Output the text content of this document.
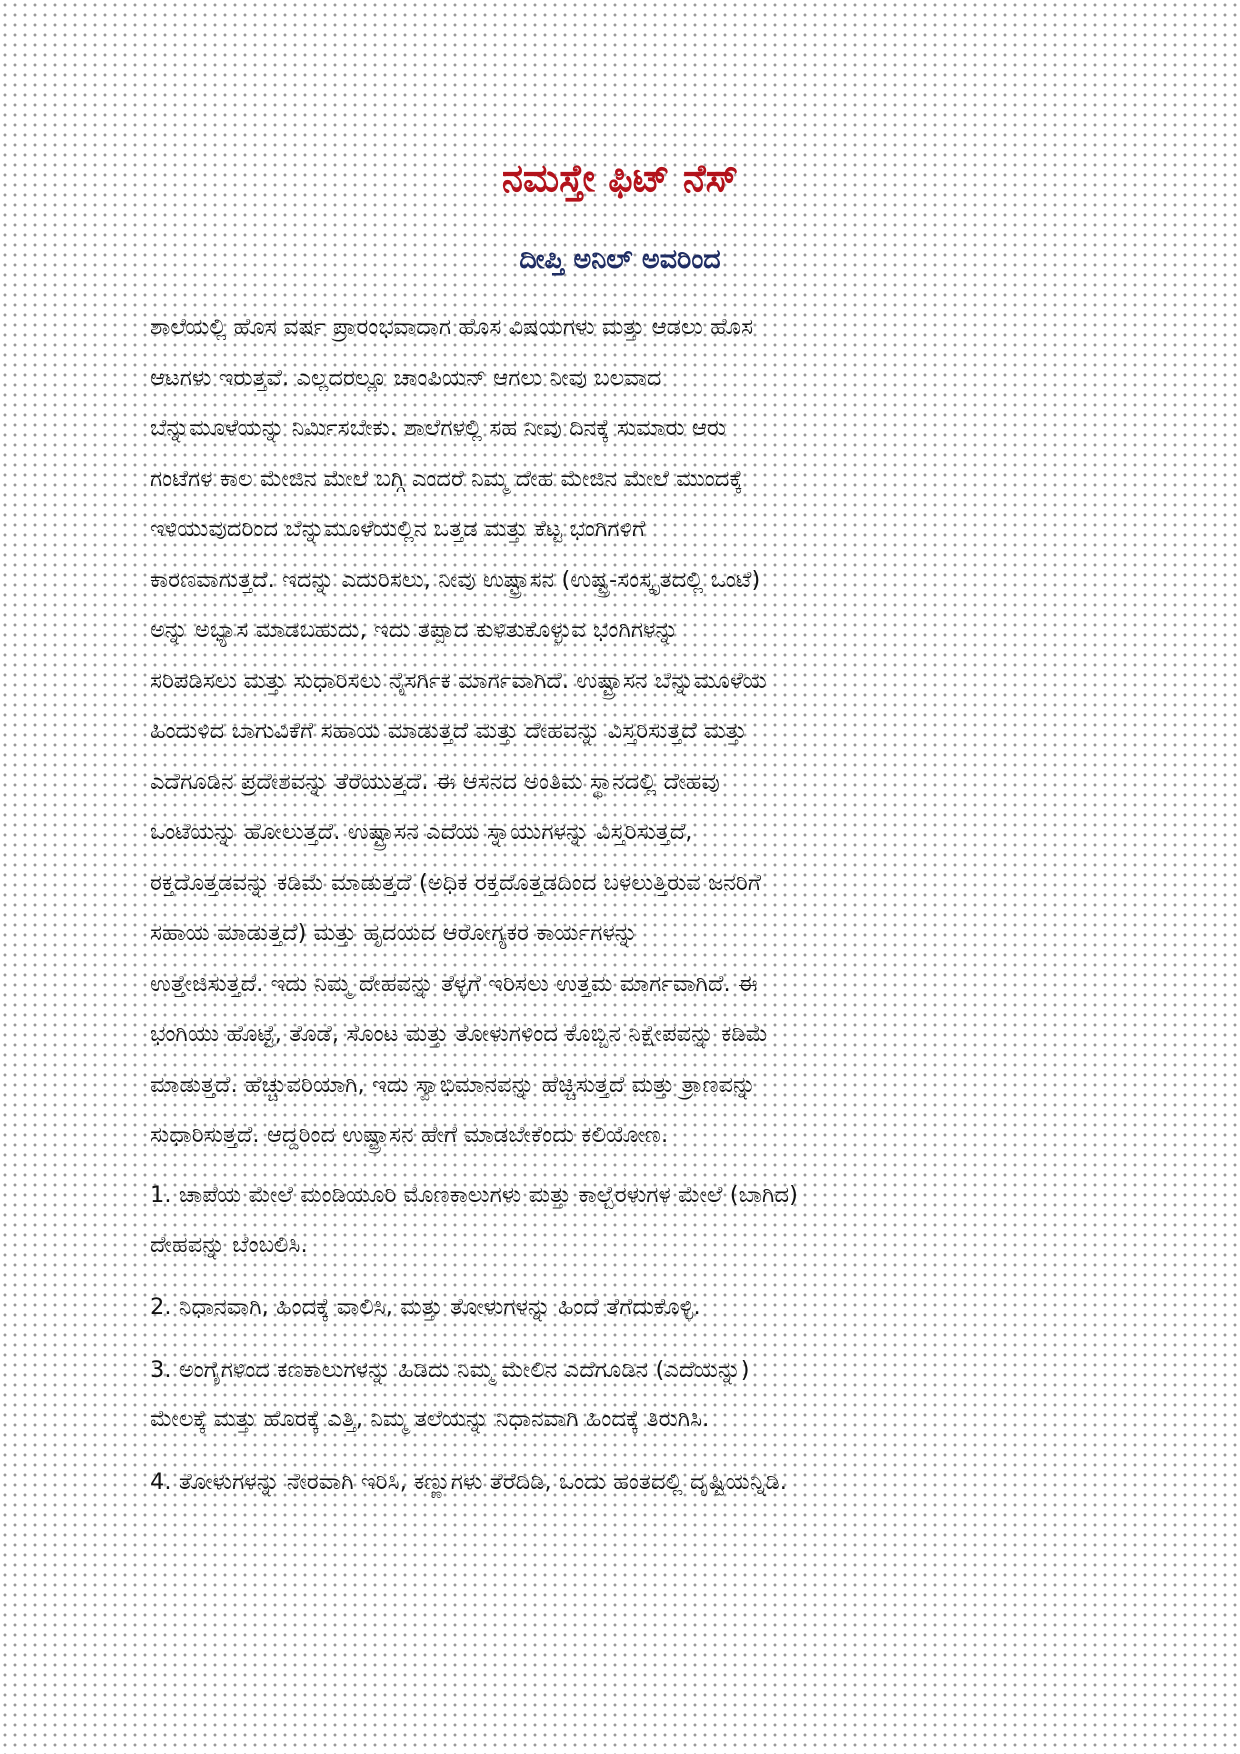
ನಮಸ್ತೇ ಫಿಟ್ ನೆಸ್
ದೀಪ್ತಿ ಅನಿಲ್ ಅವರಿಂದ
ಶಾಲೆಯಲ್ಲಿ ಹೊಸ ವರ್ಷ ಪ್ರಾರಂಭವಾದಾಗ ಹೊಸ ವಿಷಯಗಳು ಮತ್ತು ಆಡಲು ಹೊಸ
ಆಟಗಳು ಇರುತ್ತವೆ. ಎಲ್ಲದರಲ್ಲೂ ಚಾಂಪಿಯನ್ ಆಗಲು ನೀವು ಬಲವಾದ
ಬೆನ್ನುಮೂಳೆಯನ್ನು ನಿರ್ಮಿಸಬೇಕು. ಶಾಲೆಗಳಲ್ಲಿ ಸಹ ನೀವು ದಿನಕ್ಕೆ ಸುಮಾರು ಆರು
ಗಂಟೆಗಳ ಕಾಲ ಮೇಜಿನ ಮೇಲೆ ಬಗ್ಗಿ ಎಂದರೆ ನಿಮ್ಮ ದೇಹ ಮೇಜಿನ ಮೇಲೆ ಮುಂದಕ್ಕೆ
ಇಳಿಯುವುದರಿಂದ ಬೆನ್ನುಮೂಳೆಯಲ್ಲಿನ ಒತ್ತಡ ಮತ್ತು ಕೆಟ್ಟ ಭಂಗಿಗಳಿಗೆ
ಕಾರಣವಾಗುತ್ತದೆ. ಇದನ್ನು ಎದುರಿಸಲು, ನೀವು ಉಷ್ಟ್ರಾಸನ (ಉಷ್ಟ್ರ-ಸಂಸ್ಕೃತದಲ್ಲಿ ಒಂಟೆ)
ಅನ್ನು ಅಭ್ಯಾಸ ಮಾಡಬಹುದು, ಇದು ತಪ್ಪಾದ ಕುಳಿತುಕೊಳ್ಳುವ ಭಂಗಿಗಳನ್ನು
ಸರಿಪಡಿಸಲು ಮತ್ತು ಸುಧಾರಿಸಲು ನೈಸರ್ಗಿಕ ಮಾರ್ಗವಾಗಿದೆ. ಉಷ್ಟ್ರಾಸನ ಬೆನ್ನುಮೂಳೆಯ
ಹಿಂದುಳಿದ ಬಾಗುವಿಕೆಗೆ ಸಹಾಯ ಮಾಡುತ್ತದೆ ಮತ್ತು ದೇಹವನ್ನು ವಿಸ್ತರಿಸುತ್ತದೆ ಮತ್ತು
ಎದೆಗೂಡಿನ ಪ್ರದೇಶವನ್ನು ತೆರೆಯುತ್ತದೆ. ಈ ಆಸನದ ಅಂತಿಮ ಸ್ಥಾನದಲ್ಲಿ ದೇಹವು
ಒಂಟೆಯನ್ನು ಹೋಲುತ್ತದೆ. ಉಷ್ಟ್ರಾಸನ ಎದೆಯ ಸ್ನಾಯುಗಳನ್ನು ವಿಸ್ತರಿಸುತ್ತದೆ,
ರಕ್ತದೊತ್ತಡವನ್ನು ಕಡಿಮೆ ಮಾಡುತ್ತದೆ (ಅಧಿಕ ರಕ್ತದೊತ್ತಡದಿಂದ ಬಳಲುತ್ತಿರುವ ಜನರಿಗೆ
ಸಹಾಯ ಮಾಡುತ್ತದೆ) ಮತ್ತು ಹೃದಯದ ಆರೋಗ್ಯಕರ ಕಾರ್ಯಗಳನ್ನು
ಉತ್ತೇಜಿಸುತ್ತದೆ. ಇದು ನಿಮ್ಮ ದೇಹವನ್ನು ತೆಳ್ಳಗೆ ಇರಿಸಲು ಉತ್ತಮ ಮಾರ್ಗವಾಗಿದೆ. ಈ
ಭಂಗಿಯು ಹೊಟ್ಟೆ, ತೊಡೆ, ಸೊಂಟ ಮತ್ತು ತೋಳುಗಳಿಂದ ಕೊಬ್ಬಿನ ನಿಕ್ಷೇಪವನ್ನು ಕಡಿಮೆ
ಮಾಡುತ್ತದೆ. ಹೆಚ್ಚುವರಿಯಾಗಿ, ಇದು ಸ್ವಾಭಿಮಾನವನ್ನು ಹೆಚ್ಚಿಸುತ್ತದೆ ಮತ್ತು ತ್ರಾಣವನ್ನು
ಸುಧಾರಿಸುತ್ತದೆ. ಆದ್ದರಿಂದ ಉಷ್ಟ್ರಾಸನ ಹೇಗೆ ಮಾಡಬೇಕೆಂದು ಕಲಿಯೋಣ.
1. ಚಾಪೆಯ ಮೇಲೆ ಮಂಡಿಯೂರಿ ಮೊಣಕಾಲುಗಳು ಮತ್ತು ಕಾಲ್ಬೆರಳುಗಳ ಮೇಲೆ (ಬಾಗಿದ)
ದೇಹವನ್ನು ಬೆಂಬಲಿಸಿ.
2. ನಿಧಾನವಾಗಿ, ಹಿಂದಕ್ಕೆ ವಾಲಿಸಿ, ಮತ್ತು ತೋಳುಗಳನ್ನು ಹಿಂದೆ ತೆಗೆದುಕೊಳ್ಳಿ.
3. ಅಂಗೈಗಳಿಂದ ಕಣಕಾಲುಗಳನ್ನು ಹಿಡಿದು ನಿಮ್ಮ ಮೇಲಿನ ಎದೆಗೂಡಿನ (ಎದೆಯನ್ನು)
ಮೇಲಕ್ಕೆ ಮತ್ತು ಹೊರಕ್ಕೆ ಎತ್ತಿ, ನಿಮ್ಮ ತಲೆಯನ್ನು ನಿಧಾನವಾಗಿ ಹಿಂದಕ್ಕೆ ತಿರುಗಿಸಿ.
4. ತೋಳುಗಳನ್ನು ನೇರವಾಗಿ ಇರಿಸಿ, ಕಣ್ಣುಗಳು ತೆರೆದಿಡಿ, ಒಂದು ಹಂತದಲ್ಲಿ ದೃಷ್ಟಿಯನ್ನಿಡಿ.
